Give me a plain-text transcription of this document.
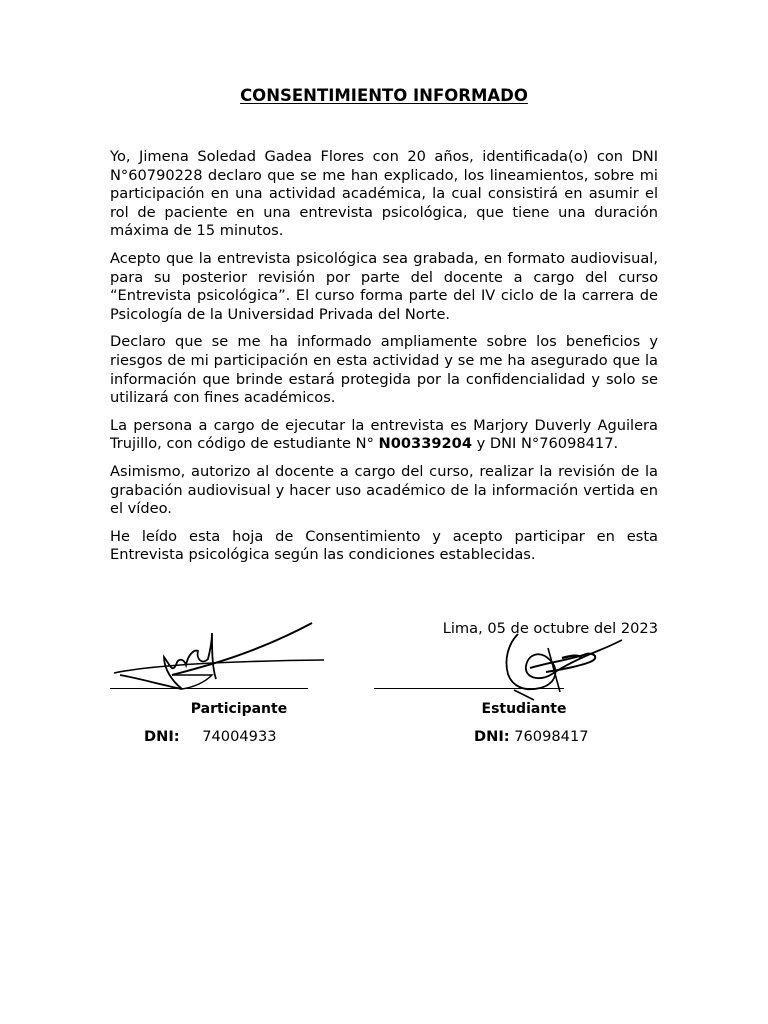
CONSENTIMIENTO INFORMADO

Yo, Jimena Soledad Gadea Flores con 20 años, identificada(o) con DNI N°60790228 declaro que se me han explicado, los lineamientos, sobre mi participación en una actividad académica, la cual consistirá en asumir el rol de paciente en una entrevista psicológica, que tiene una duración máxima de 15 minutos.

Acepto que la entrevista psicológica sea grabada, en formato audiovisual, para su posterior revisión por parte del docente a cargo del curso “Entrevista psicológica”. El curso forma parte del IV ciclo de la carrera de Psicología de la Universidad Privada del Norte.

Declaro que se me ha informado ampliamente sobre los beneficios y riesgos de mi participación en esta actividad y se me ha asegurado que la información que brinde estará protegida por la confidencialidad y solo se utilizará con fines académicos.

La persona a cargo de ejecutar la entrevista es Marjory Duverly Aguilera Trujillo, con código de estudiante N° N00339204 y DNI N°76098417.

Asimismo, autorizo al docente a cargo del curso, realizar la revisión de la grabación audiovisual y hacer uso académico de la información vertida en el vídeo.

He leído esta hoja de Consentimiento y acepto participar en esta Entrevista psicológica según las condiciones establecidas.

Lima, 05 de octubre del 2023
Participante	Estudiante
DNI: 74004933	DNI: 76098417
